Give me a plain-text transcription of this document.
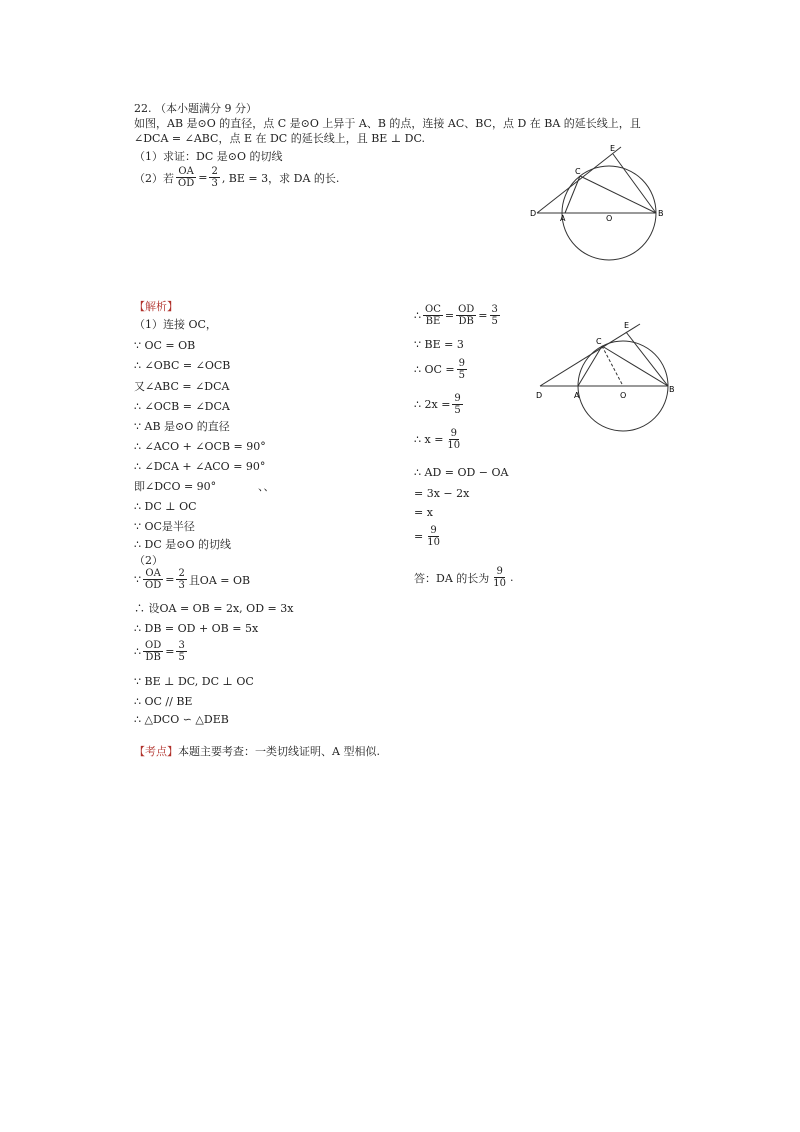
22. （本小题满分 9 分）
如图，AB 是⊙O 的直径，点 C 是⊙O 上异于 A、B 的点，连接 AC、BC，点 D 在 BA 的延长线上，且
∠DCA = ∠ABC，点 E 在 DC 的延长线上，且 BE ⊥ DC.
（1）求证：DC 是⊙O 的切线
（2）若 $\frac{OA}{OD} = \frac{2}{3}$ , BE = 3，求 DA 的长.
E
C
D
A	O
B
【解析】
（1）连接 OC，
∵ OC = OB
∴ ∠OBC = ∠OCB
又∠ABC = ∠DCA
∴ ∠OCB = ∠DCA
∵ AB 是⊙O 的直径
∴ ∠ACO + ∠OCB = 90°
∴ ∠DCA + ∠ACO = 90°
即∠DCO = 90°	、、
∴ DC ⊥ OC
∵ OC是半径
∴ DC 是⊙O 的切线
（2）
∵ $\frac{OA}{OD} = \frac{2}{3}$ 且OA = OB
∴ 设OA = OB = 2x, OD = 3x
∴ DB = OD + OB = 5x
∴ $\frac{OD}{DB} = \frac{3}{5}$
∵ BE ⊥ DC, DC ⊥ OC
∴ OC // BE
∴ △DCO ∽ △DEB
∴ $\frac{OC}{BE} = \frac{OD}{DB} = \frac{3}{5}$
∵ BE = 3
∴ OC = $\frac{9}{5}$
∴ $2x = \frac{9}{5}$
∴ $x = \frac{9}{10}$
∴ AD = OD − OA
= 3x − 2x
= x
= $\frac{9}{10}$
答：DA 的长为 $\frac{9}{10}$ .
E
C
D	A	O
B
【考点】本题主要考查：一类切线证明、A 型相似.
